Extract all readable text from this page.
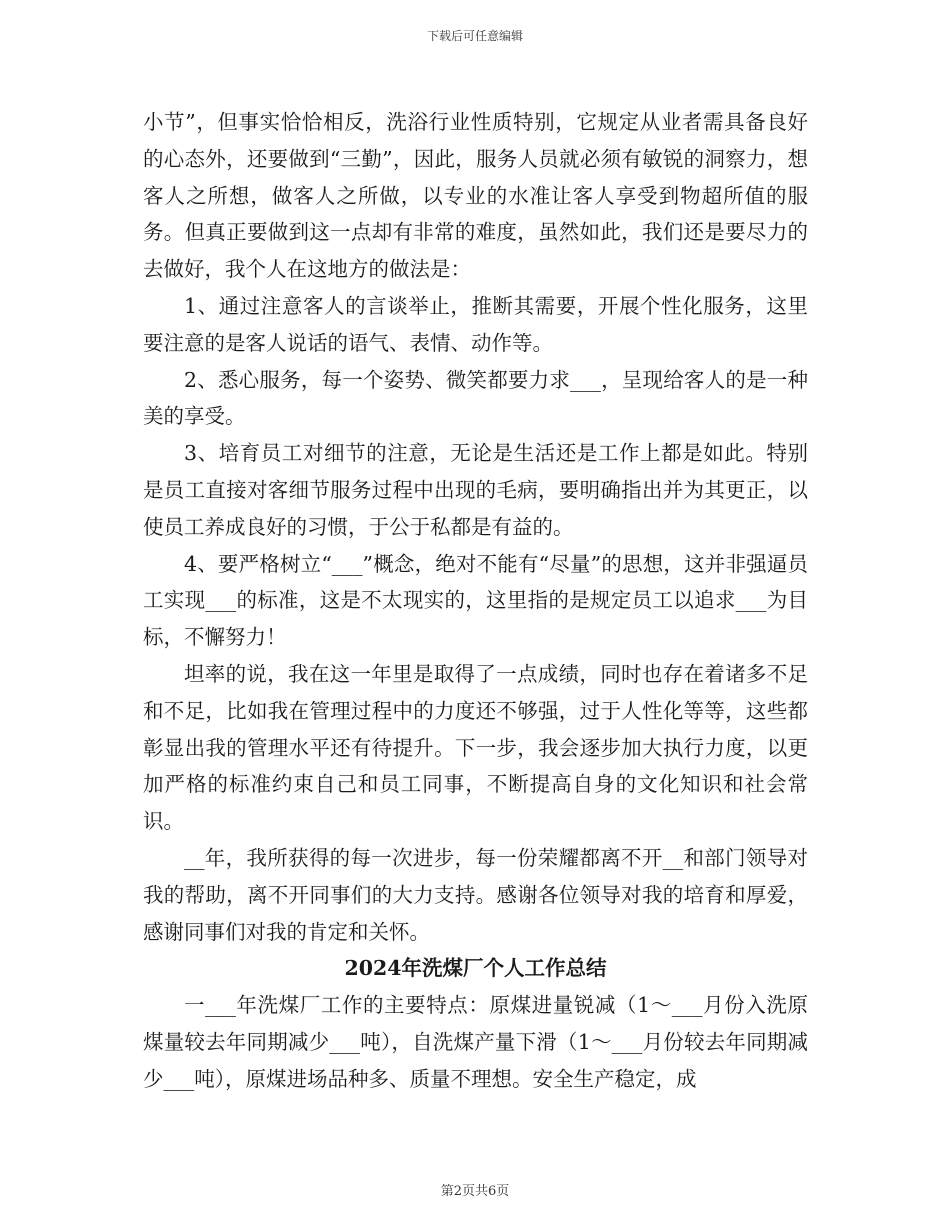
下载后可任意编辑

小节”，但事实恰恰相反，洗浴行业性质特别，它规定从业者需具备良好的心态外，还要做到“三勤”，因此，服务人员就必须有敏锐的洞察力，想客人之所想，做客人之所做，以专业的水准让客人享受到物超所值的服务。但真正要做到这一点却有非常的难度，虽然如此，我们还是要尽力的去做好，我个人在这地方的做法是：

1、通过注意客人的言谈举止，推断其需要，开展个性化服务，这里要注意的是客人说话的语气、表情、动作等。

2、悉心服务，每一个姿势、微笑都要力求___，呈现给客人的是一种美的享受。

3、培育员工对细节的注意，无论是生活还是工作上都是如此。特别是员工直接对客细节服务过程中出现的毛病，要明确指出并为其更正，以使员工养成良好的习惯，于公于私都是有益的。

4、要严格树立“___”概念，绝对不能有“尽量”的思想，这并非强逼员工实现___的标准，这是不太现实的，这里指的是规定员工以追求___为目标，不懈努力！

坦率的说，我在这一年里是取得了一点成绩，同时也存在着诸多不足和不足，比如我在管理过程中的力度还不够强，过于人性化等等，这些都彰显出我的管理水平还有待提升。下一步，我会逐步加大执行力度，以更加严格的标准约束自己和员工同事，不断提高自身的文化知识和社会常识。

__年，我所获得的每一次进步，每一份荣耀都离不开__和部门领导对我的帮助，离不开同事们的大力支持。感谢各位领导对我的培育和厚爱，感谢同事们对我的肯定和关怀。

2024年洗煤厂个人工作总结

一___年洗煤厂工作的主要特点：原煤进量锐减（1～___月份入洗原煤量较去年同期减少___吨），自洗煤产量下滑（1～___月份较去年同期减少___吨），原煤进场品种多、质量不理想。安全生产稳定，成

第2页共6页
